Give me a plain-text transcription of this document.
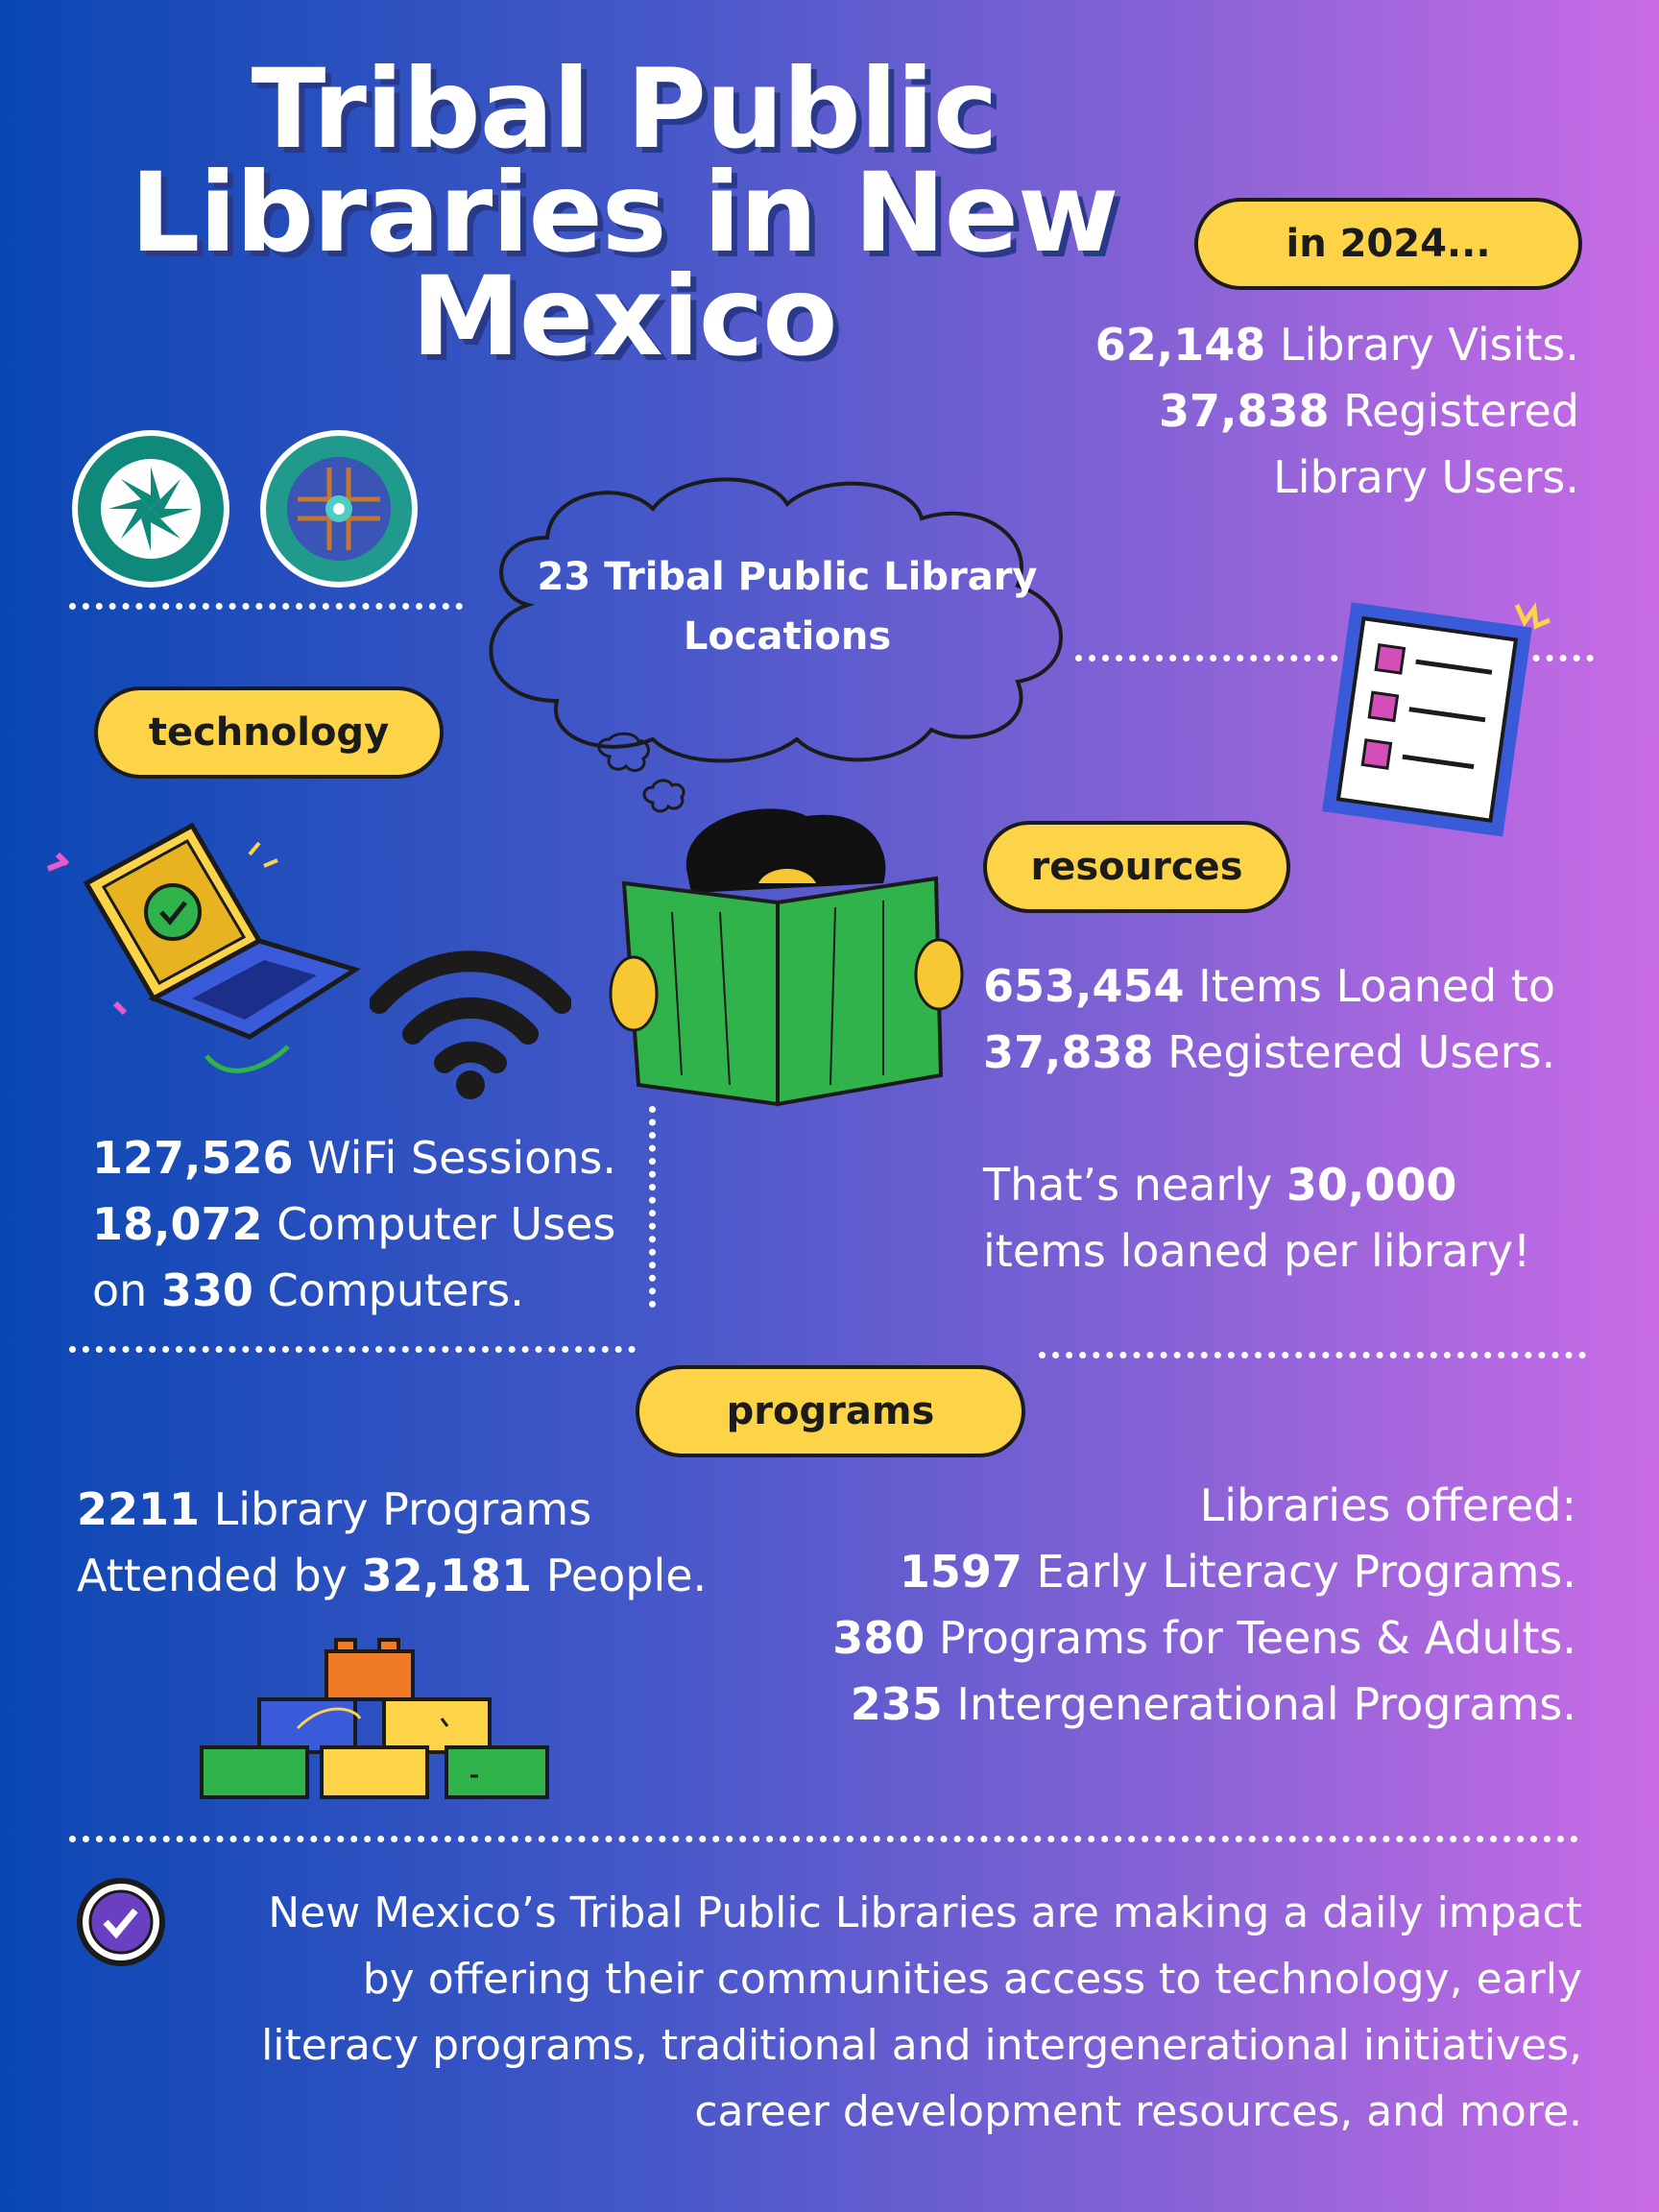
Tribal Public
Libraries in New
Mexico
in 2024...
62,148 Library Visits.
37,838 Registered
Library Users.
23 Tribal Public Library
Locations
technology
resources
653,454 Items Loaned to
37,838 Registered Users.
That’s nearly 30,000
items loaned per library!
127,526 WiFi Sessions.
18,072 Computer Uses
on 330 Computers.
programs
2211 Library Programs
Attended by 32,181 People.
Libraries offered:
1597 Early Literacy Programs.
380 Programs for Teens & Adults.
235 Intergenerational Programs.
New Mexico’s Tribal Public Libraries are making a daily impact
by offering their communities access to technology, early
literacy programs, traditional and intergenerational initiatives,
career development resources, and more.
